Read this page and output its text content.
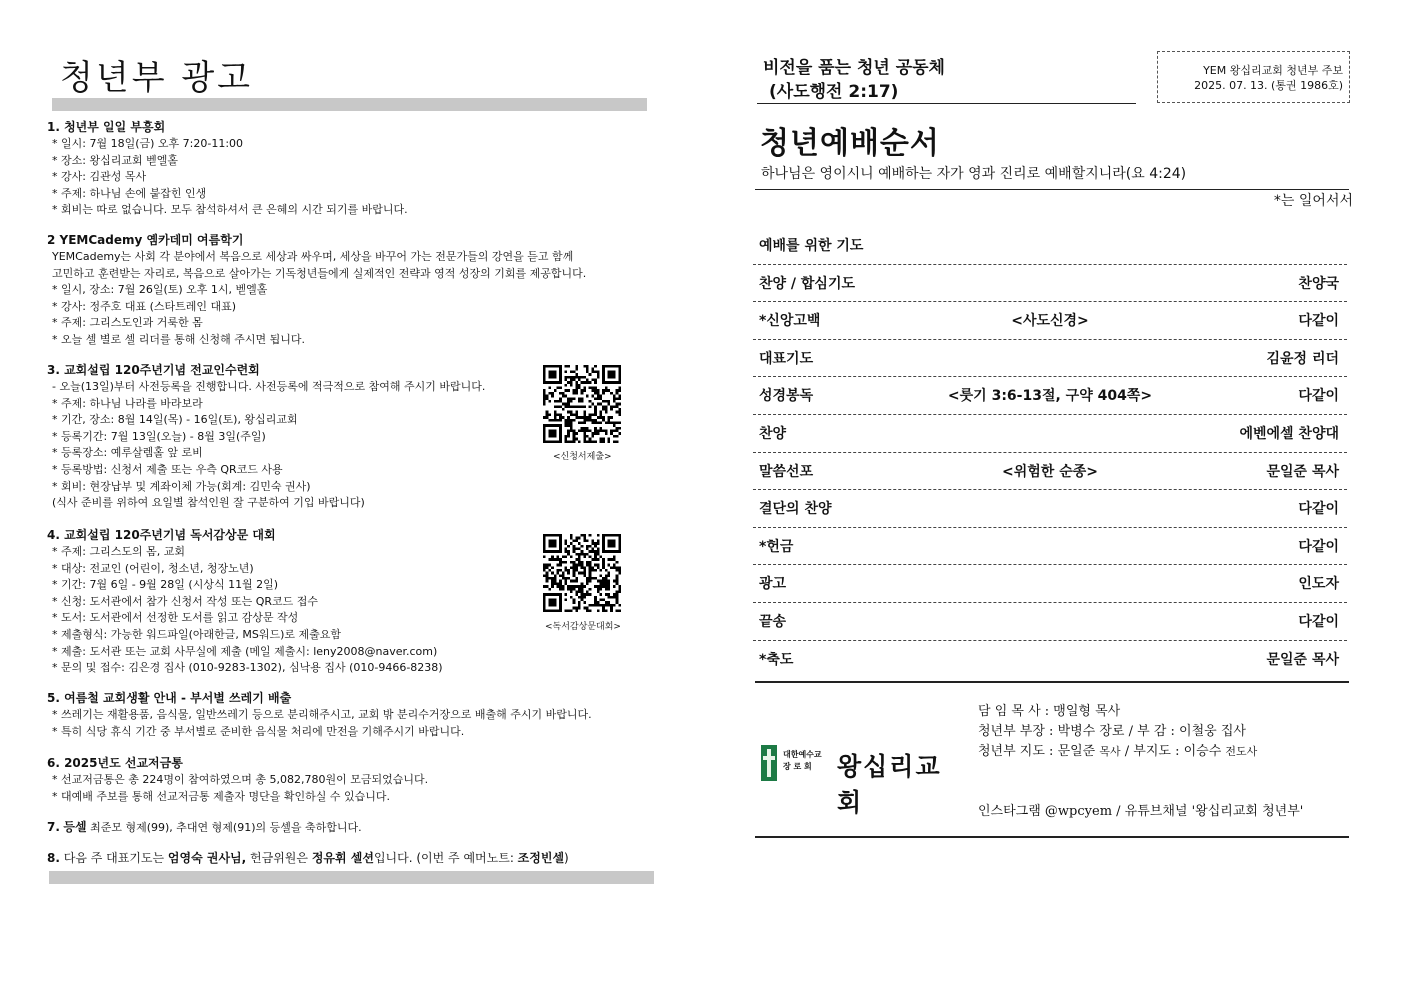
청년부 광고
1. 청년부 일일 부흥회
* 일시: 7월 18일(금) 오후 7:20-11:00
* 장소: 왕십리교회 벧엘홀
* 강사: 김관성 목사
* 주제: 하나님 손에 붙잡힌 인생
* 회비는 따로 없습니다. 모두 참석하셔서 큰 은혜의 시간 되기를 바랍니다.
2 YEMCademy 옘카데미 여름학기
YEMCademy는 사회 각 분야에서 복음으로 세상과 싸우며, 세상을 바꾸어 가는 전문가들의 강연을 듣고 함께
고민하고 훈련받는 자리로, 복음으로 살아가는 기독청년들에게 실제적인 전략과 영적 성장의 기회를 제공합니다.
* 일시, 장소: 7월 26일(토) 오후 1시, 벧엘홀
* 강사: 정주호 대표 (스타트레인 대표)
* 주제: 그리스도인과 거룩한 몸
* 오늘 셀 별로 셀 리더를 통해 신청해 주시면 됩니다.
3. 교회설립 120주년기념 전교인수련회
- 오늘(13일)부터 사전등록을 진행합니다. 사전등록에 적극적으로 참여해 주시기 바랍니다.
* 주제: 하나님 나라를 바라보라
* 기간, 장소: 8월 14일(목) - 16일(토), 왕십리교회
* 등록기간: 7월 13일(오늘) - 8월 3일(주일)
* 등록장소: 예루살렘홀 앞 로비
* 등록방법: 신청서 제출 또는 우측 QR코드 사용
* 회비: 현장납부 및 계좌이체 가능(회계: 김민숙 권사)
(식사 준비를 위하여 요일별 참석인원 잘 구분하여 기입 바랍니다)
<신청서제출>
4. 교회설립 120주년기념 독서감상문 대회
* 주제: 그리스도의 몸, 교회
* 대상: 전교인 (어린이, 청소년, 청장노년)
* 기간: 7월 6일 - 9월 28일 (시상식 11월 2일)
* 신청: 도서관에서 참가 신청서 작성 또는 QR코드 접수
* 도서: 도서관에서 선정한 도서를 읽고 감상문 작성
* 제출형식: 가능한 워드파일(아래한글, MS워드)로 제출요함
* 제출: 도서관 또는 교회 사무실에 제출 (메일 제출시: leny2008@naver.com)
* 문의 및 접수: 김은경 집사 (010-9283-1302), 심낙용 집사 (010-9466-8238)
<독서감상문대회>
5. 여름철 교회생활 안내 - 부서별 쓰레기 배출
* 쓰레기는 재활용품, 음식물, 일반쓰레기 등으로 분리해주시고, 교회 밖 분리수거장으로 배출해 주시기 바랍니다.
* 특히 식당 휴식 기간 중 부서별로 준비한 음식물 처리에 만전을 기해주시기 바랍니다.
6. 2025년도 선교저금통
* 선교저금통은 총 224명이 참여하였으며 총 5,082,780원이 모금되었습니다.
* 대예배 주보를 통해 선교저금통 제출자 명단을 확인하실 수 있습니다.
7. 등셀 최준모 형제(99), 추대연 형제(91)의 등셀을 축하합니다.
8. 다음 주 대표기도는 엄영숙 권사님, 헌금위원은 정유휘 셀션입니다. (이번 주 예머노트: 조정빈셀)
비전을 품는 청년 공동체
(사도행전 2:17)
YEM 왕십리교회 청년부 주보
2025. 07. 13. (통권 1986호)
청년예배순서
하나님은 영이시니 예배하는 자가 영과 진리로 예배할지니라(요 4:24)
*는 일어서서
예배를 위한 기도
찬양 / 합심기도	찬양국
*신앙고백	<사도신경>	다같이
대표기도	김윤정 리더
성경봉독	<룻기 3:6-13절, 구약 404쪽>	다같이
찬양	에벤에셀 찬양대
말씀선포	<위험한 순종>	문일준 목사
결단의 찬양	다같이
*헌금	다같이
광고	인도자
끝송	다같이
*축도	문일준 목사
담 임 목 사 : 맹일형 목사
청년부 부장 : 박병수 장로 / 부 감 : 이철웅 집사
청년부 지도 : 문일준 목사 / 부지도 : 이승수 전도사
대한예수교
장 로 회	왕십리교회	인스타그램 @wpcyem / 유튜브채널 '왕십리교회 청년부'
